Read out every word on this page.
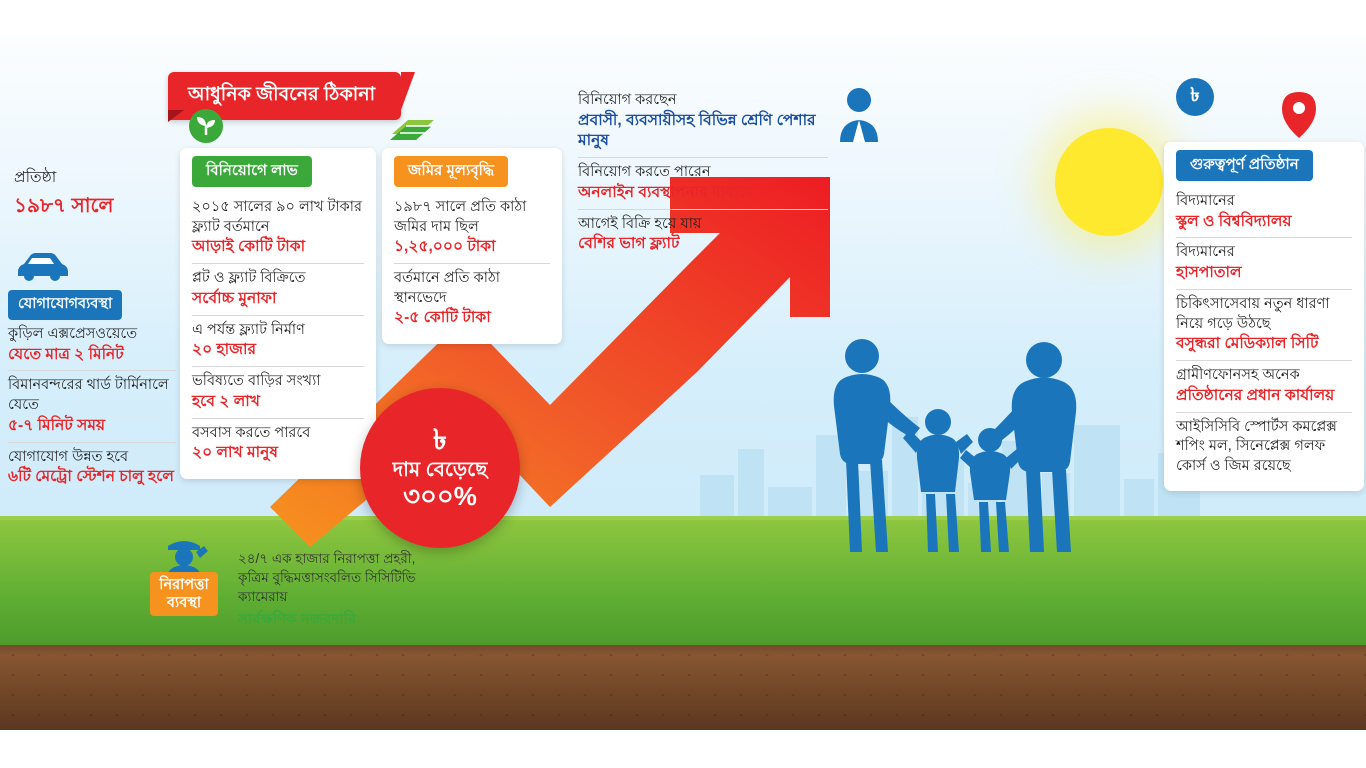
আধুনিক জীবনের ঠিকানা
প্রতিষ্ঠা
১৯৮৭ সালে
যোগাযোগব্যবস্থা
কুড়িল এক্সপ্রেসওয়েতে
যেতে মাত্র ২ মিনিট
বিমানবন্দরের থার্ড টার্মিনালে যেতে
৫-৭ মিনিট সময়
যোগাযোগ উন্নত হবে
৬টি মেট্রো স্টেশন চালু হলে
বিনিয়োগে লাভ
২০১৫ সালের ৯০ লাখ টাকার ফ্ল্যাট বর্তমানে
আড়াই কোটি টাকা
প্লট ও ফ্ল্যাট বিক্রিতে
সর্বোচ্চ মুনাফা
এ পর্যন্ত ফ্ল্যাট নির্মাণ
২০ হাজার
ভবিষ্যতে বাড়ির সংখ্যা
হবে ২ লাখ
বসবাস করতে পারবে
২০ লাখ মানুষ
জমির মূল্যবৃদ্ধি
১৯৮৭ সালে প্রতি কাঠা জমির দাম ছিল
১,২৫,০০০ টাকা
বর্তমানে প্রতি কাঠা স্থানভেদে
২-৫ কোটি টাকা
বিনিয়োগ করছেন
প্রবাসী, ব্যবসায়ীসহ বিভিন্ন শ্রেণি পেশার মানুষ
বিনিয়োগ করতে পারেন
অনলাইন ব্যবস্থাপনার মাধ্যমে
আগেই বিক্রি হয়ে যায়
বেশির ভাগ ফ্ল্যাট
৳
গুরুত্বপূর্ণ প্রতিষ্ঠান
বিদ্যমানের
স্কুল ও বিশ্ববিদ্যালয়
বিদ্যমানের
হাসপাতাল
চিকিৎসাসেবায় নতুন ধারণা নিয়ে গড়ে উঠছে
বসুন্ধরা মেডিক্যাল সিটি
গ্রামীণফোনসহ অনেক
প্রতিষ্ঠানের প্রধান কার্যালয়
আইসিসিবি স্পোর্টস কমপ্লেক্স শপিং মল, সিনেপ্লেক্স গলফ কোর্স ও জিম রয়েছে
৳
দাম বেড়েছে
৩০০%
নিরাপত্তা
ব্যবস্থা
২৪/৭ এক হাজার নিরাপত্তা প্রহরী, কৃত্রিম বুদ্ধিমত্তাসংবলিত সিসিটিভি ক্যামেরায়
সার্বক্ষণিক নজরদারি
